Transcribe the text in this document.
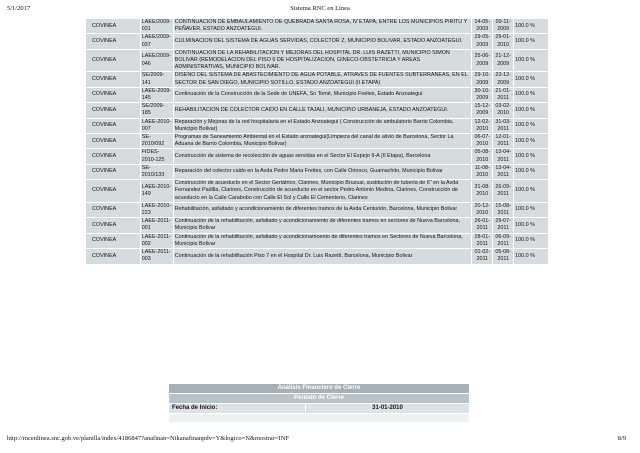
5/1/2017	Sistema RNC en Línea
COVINEA	LAEE/2009-031	CONTINUACION DE EMBAULAMIENTO DE QUEBRADA SANTA ROSA, IV ETAPA, ENTRE LOS MUNICIPIOS PIRITU Y PEÑAVER, ESTADO ANZOATEGUI.	14-05-2009	09-11-2009	100.0 %
COVINEA	LAEE/2009-037	CULMINACION DEL SISTEMA DE AGUAS SERVIDAS, COLECTOR Z, MUNICIPIO BOLIVAR, ESTADO ANZOATEGUI.	29-05-2009	29-01-2010	100.0 %
COVINEA	LAEE/2009-046	CONTINUACION DE LA REHABILITACION Y MEJORAS DEL HOSPITAL DR. LUIS RAZETTI, MUNICIPIO SIMON BOLIVAR (REMODELACION DEL PISO 6 DE HOSPITALIZACION, GINECO-OBSTETRICIA Y AREAS ADMINISTRATIVAS, MUNICIPIO BOLIVAR.	25-06-2009	21-12-2009	100.0 %
COVINEA	SE/2009-141	DISEÑO DEL SISTEMA DE ABASTECIMIENTO DE AGUA POTABLE, ATRAVES DE FUENTES SUBTERRANEAS, EN EL SECTOR DE SAN DIEGO, MUNICIPIO SOTILLO, ESTADO ANZOATEGUI (II ETAPA)	29-10-2009	23-12-2009	100.0 %
COVINEA	LAEE-2009-145	Continuación de la Construcción de la Sede de UNEFA, Sn Tomé, Municipio Freites, Estado Anzoategui	30-10-2009	21-01-2011	100.0 %
COVINEA	SE/2009-185	REHABILITACION DE COLECTOR CAIDO EN CALLE TAJALI, MUNICIPIO URBANEJA, ESTADO ANZOATEGUI.	15-12-2009	03-02-2010	100.0 %
COVINEA	LAEE-2010-007	Reparación y Mejoras de la red hospitalaria en el Estado Anzoategui ( Construcción de ambulatorio Barrio Colombia, Municipio Bolivar)	12-02-2010	31-03-2011	100.0 %
COVINEA	SE-2010/092	Programas de Saneamiento Ambiental en el Estado anzoategui(Limpieza del canal de alivio de Barcelona, Sector La Aduana de Barrio Colombia, Municipio Bolivar)	06-07-2010	12-01-2011	100.0 %
COVINEA	FIDES-2010-125	Construcción de sistema de recolección de aguas servidas en el Sector El Espejo II-A (II Etapa), Barcelona	05-08-2010	13-04-2011	100.0 %
COVINEA	SE-2010/133	Reparación del colector caido en la Avda Pedro Maria Freites, con Calle Orinoco, Guamachito, Municipio Bolivar	11-08-2010	13-04-2011	100.0 %
COVINEA	LAEE-2010-149	Construcción de acueducto en el Sector Geriátrico, Clarines, Municipio Bruzual, sustitución de tubería de 6" en la Avda Fernandez Padilla, Clarines, Construcción de acueducto en el sector Pedro Antonio Medina, Clarines, Construcción de acueducto en la Calle Carabobo con Calle El Sol y Calle El Cementerio, Clarines	31-08-2010	26-09-2011	100.0 %
COVINEA	LAEE-2010-223	Rehabilitación, asfaltado y acondicionamiento de diferentes tramos de la Avda Centurión, Barcelona, Municipio Bolivar	20-12-2010	15-08-2011	100.0 %
COVINEA	LAEE-2011-001	Continuación de la rehabilitación, asfaltado y acondicionamiento de diferentes tramos en sectores de Nueva Barcelona, Municipio Bolivar	26-01-2011	29-07-2011	100.0 %
COVINEA	LAEE-2011-002	Continuación de la rehabilitación, asfaltado y acondicionamoento de diferentes tramos en Sectores de Nueva Barcelona, Municipio Bolivar	28-01-2011	06-09-2011	100.0 %
COVINEA	LAEE-2011-003	Continuación de la rehabilitación Piso 7 en el Hospital Dr. Luis Razetti, Barcelona, Municipio Bolivar	01-02-2011	05-08-2011	100.0 %
Análisis Financiero de Cierre
Periodo de Cierre
Fecha de Inicio:	31-01-2010

http://rncenlinea.snc.gob.ve/planilla/index/4186847?anafinan=Nikanafinanpdv=Y&logico=N&mostrar=INF	8/9
